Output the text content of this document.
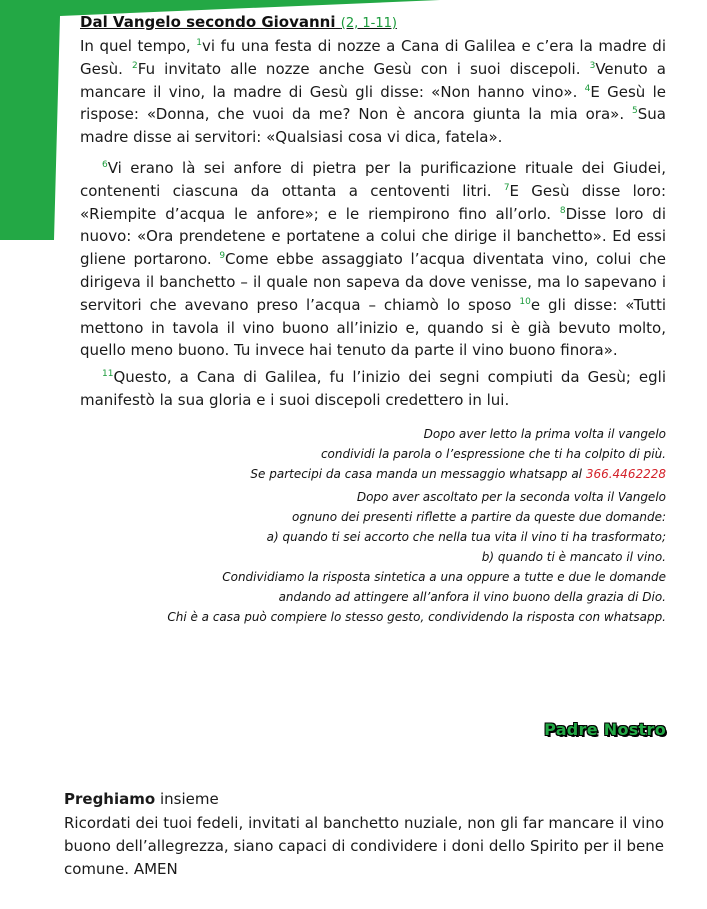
Dal Vangelo secondo Giovanni (2, 1-11)

In quel tempo, $^1$vi fu una festa di nozze a Cana di Galilea e c’era la madre di Gesù. $^2$Fu invitato alle nozze anche Gesù con i suoi discepoli. $^3$Venuto a mancare il vino, la madre di Gesù gli disse: «Non hanno vino». $^4$E Gesù le rispose: «Donna, che vuoi da me? Non è ancora giunta la mia ora». $^5$Sua madre disse ai servitori: «Qualsiasi cosa vi dica, fatela».

$^6$Vi erano là sei anfore di pietra per la purificazione rituale dei Giudei, contenenti ciascuna da ottanta a centoventi litri. $^7$E Gesù disse loro: «Riempite d’acqua le anfore»; e le riempirono fino all’orlo. $^8$Disse loro di nuovo: «Ora prendetene e portatene a colui che dirige il banchetto». Ed essi gliene portarono. $^9$Come ebbe assaggiato l’acqua diventata vino, colui che dirigeva il banchetto – il quale non sapeva da dove venisse, ma lo sapevano i servitori che avevano preso l’acqua – chiamò lo sposo $^{10}$e gli disse: «Tutti mettono in tavola il vino buono all’inizio e, quando si è già bevuto molto, quello meno buono. Tu invece hai tenuto da parte il vino buono finora».

$^{11}$Questo, a Cana di Galilea, fu l’inizio dei segni compiuti da Gesù; egli manifestò la sua gloria e i suoi discepoli credettero in lui.

Dopo aver letto la prima volta il vangelo
condividi la parola o l’espressione che ti ha colpito di più.
Se partecipi da casa manda un messaggio whatsapp al 366.4462228
Dopo aver ascoltato per la seconda volta il Vangelo
ognuno dei presenti riflette a partire da queste due domande:
a) quando ti sei accorto che nella tua vita il vino ti ha trasformato;
b) quando ti è mancato il vino.
Condividiamo la risposta sintetica a una oppure a tutte e due le domande
andando ad attingere all’anfora il vino buono della grazia di Dio.
Chi è a casa può compiere lo stesso gesto, condividendo la risposta con whatsapp.
Padre Nostro
Preghiamo insieme

Ricordati dei tuoi fedeli, invitati al banchetto nuziale, non gli far mancare il vino buono dell’allegrezza, siano capaci di condividere i doni dello Spirito per il bene comune. AMEN
